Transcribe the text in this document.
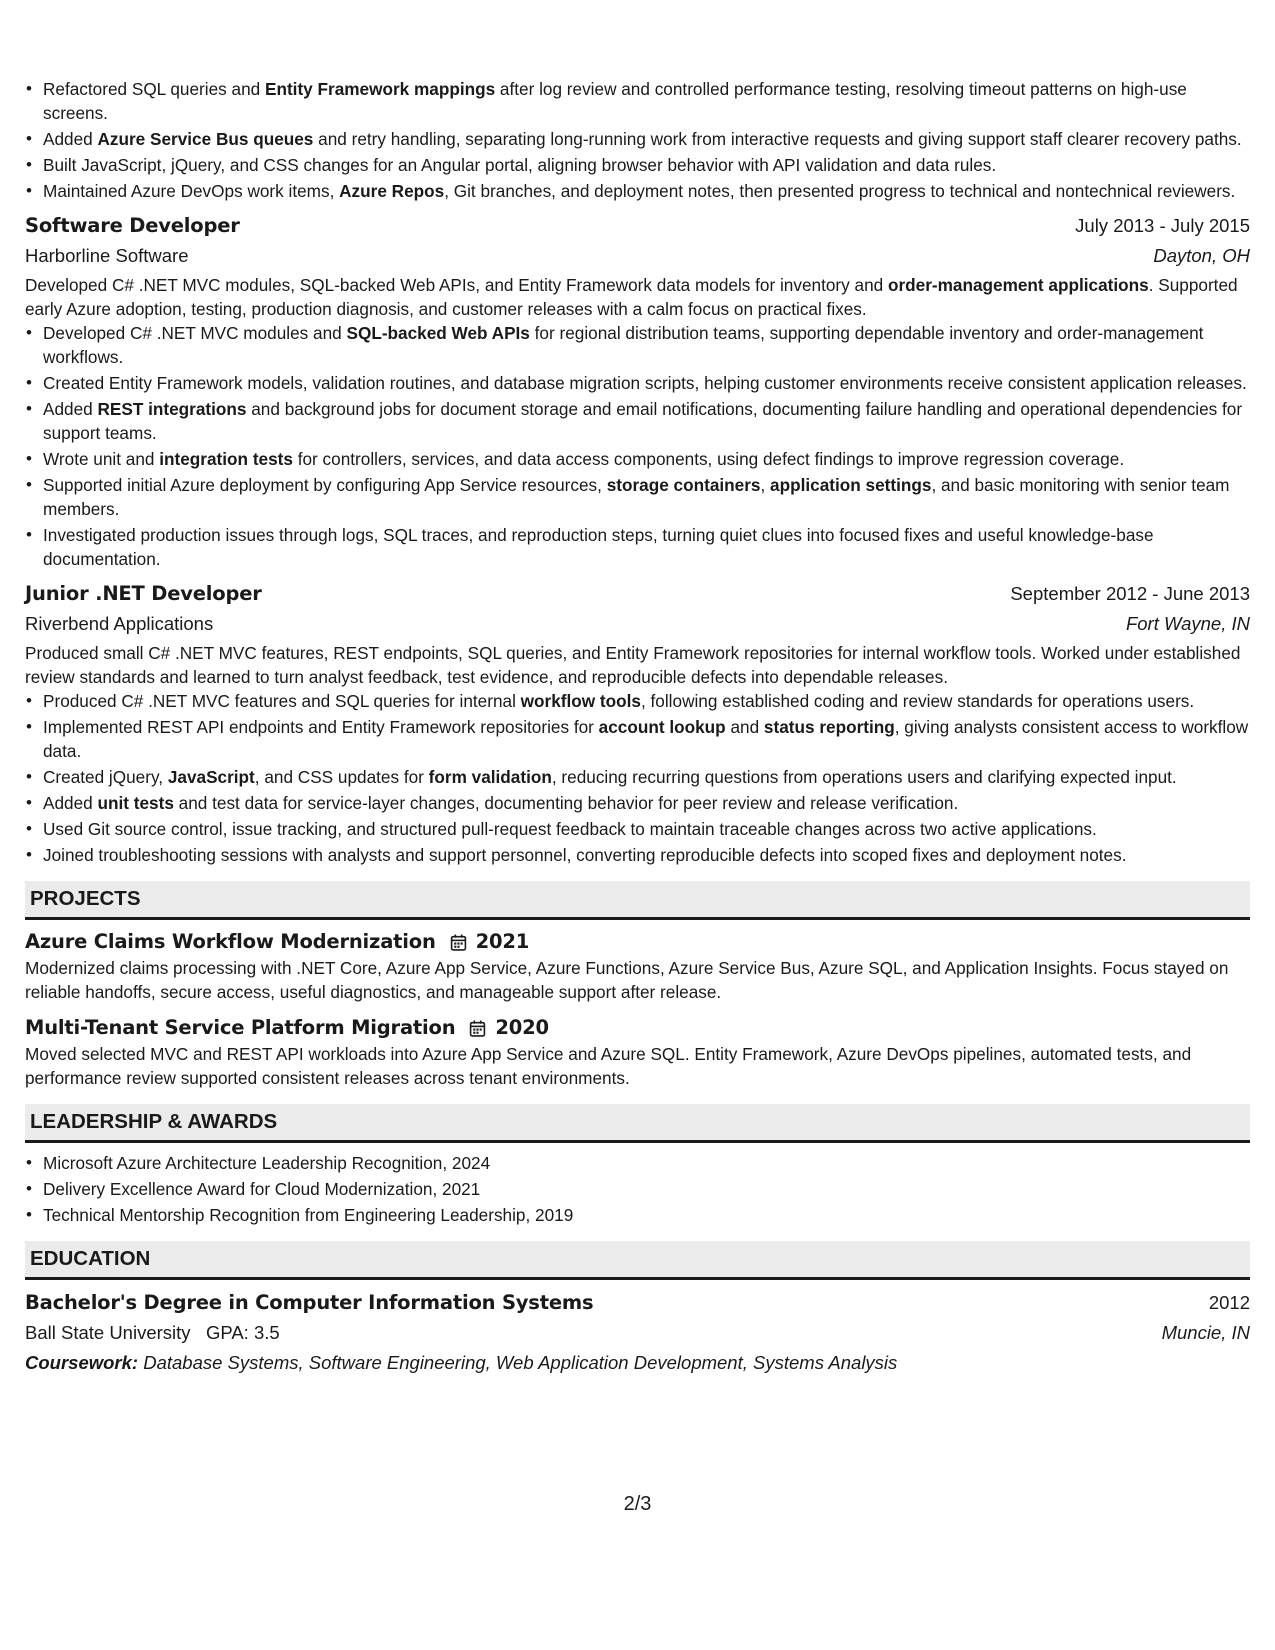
• Refactored SQL queries and Entity Framework mappings after log review and controlled performance testing, resolving timeout patterns on high-use screens.
• Added Azure Service Bus queues and retry handling, separating long-running work from interactive requests and giving support staff clearer recovery paths.
• Built JavaScript, jQuery, and CSS changes for an Angular portal, aligning browser behavior with API validation and data rules.
• Maintained Azure DevOps work items, Azure Repos, Git branches, and deployment notes, then presented progress to technical and nontechnical reviewers.
Software Developer	July 2013 - July 2015
Harborline Software	Dayton, OH
Developed C# .NET MVC modules, SQL-backed Web APIs, and Entity Framework data models for inventory and order-management applications. Supported early Azure adoption, testing, production diagnosis, and customer releases with a calm focus on practical fixes.
• Developed C# .NET MVC modules and SQL-backed Web APIs for regional distribution teams, supporting dependable inventory and order-management workflows.
• Created Entity Framework models, validation routines, and database migration scripts, helping customer environments receive consistent application releases.
• Added REST integrations and background jobs for document storage and email notifications, documenting failure handling and operational dependencies for support teams.
• Wrote unit and integration tests for controllers, services, and data access components, using defect findings to improve regression coverage.
• Supported initial Azure deployment by configuring App Service resources, storage containers, application settings, and basic monitoring with senior team members.
• Investigated production issues through logs, SQL traces, and reproduction steps, turning quiet clues into focused fixes and useful knowledge-base documentation.
Junior .NET Developer	September 2012 - June 2013
Riverbend Applications	Fort Wayne, IN
Produced small C# .NET MVC features, REST endpoints, SQL queries, and Entity Framework repositories for internal workflow tools. Worked under established review standards and learned to turn analyst feedback, test evidence, and reproducible defects into dependable releases.
• Produced C# .NET MVC features and SQL queries for internal workflow tools, following established coding and review standards for operations users.
• Implemented REST API endpoints and Entity Framework repositories for account lookup and status reporting, giving analysts consistent access to workflow data.
• Created jQuery, JavaScript, and CSS updates for form validation, reducing recurring questions from operations users and clarifying expected input.
• Added unit tests and test data for service-layer changes, documenting behavior for peer review and release verification.
• Used Git source control, issue tracking, and structured pull-request feedback to maintain traceable changes across two active applications.
• Joined troubleshooting sessions with analysts and support personnel, converting reproducible defects into scoped fixes and deployment notes.
PROJECTS
Azure Claims Workflow Modernization 2021
Modernized claims processing with .NET Core, Azure App Service, Azure Functions, Azure Service Bus, Azure SQL, and Application Insights. Focus stayed on reliable handoffs, secure access, useful diagnostics, and manageable support after release.
Multi-Tenant Service Platform Migration 2020
Moved selected MVC and REST API workloads into Azure App Service and Azure SQL. Entity Framework, Azure DevOps pipelines, automated tests, and performance review supported consistent releases across tenant environments.
LEADERSHIP & AWARDS
• Microsoft Azure Architecture Leadership Recognition, 2024
• Delivery Excellence Award for Cloud Modernization, 2021
• Technical Mentorship Recognition from Engineering Leadership, 2019
EDUCATION
Bachelor's Degree in Computer Information Systems	2012
Ball State University GPA: 3.5	Muncie, IN
Coursework: Database Systems, Software Engineering, Web Application Development, Systems Analysis
2/3
